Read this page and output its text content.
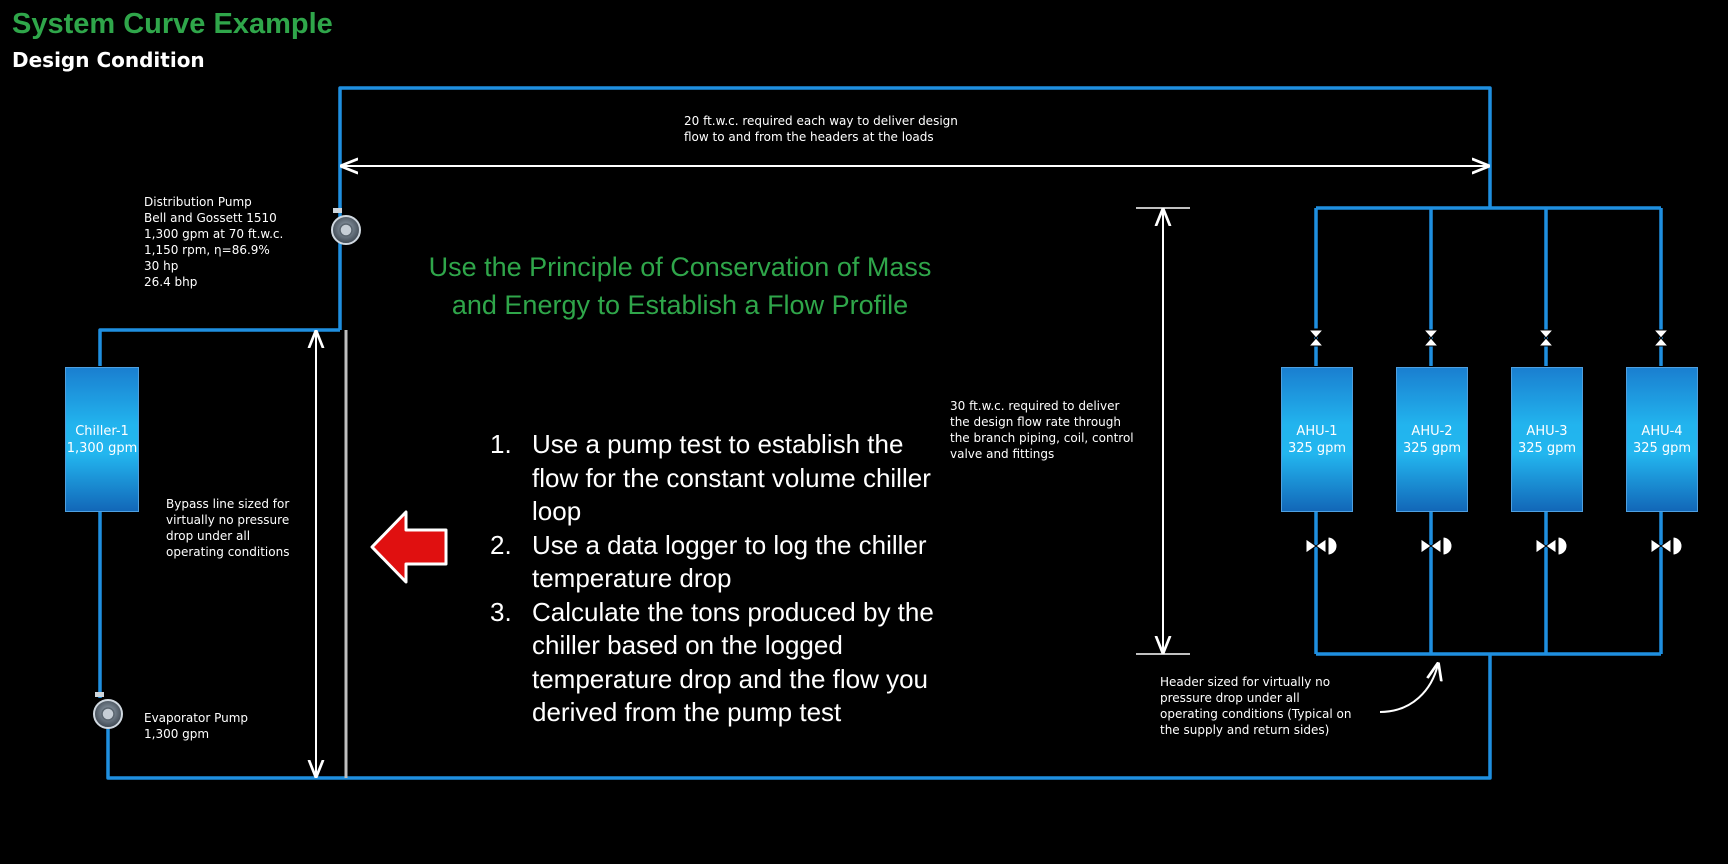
System Curve Example
Design Condition

Use the Principle of Conservation of Mass
and Energy to Establish a Flow Profile

1. Use a pump test to establish the flow for the constant volume chiller loop
2. Use a data logger to log the chiller temperature drop
3. Calculate the tons produced by the chiller based on the logged temperature drop and the flow you derived from the pump test

20 ft.w.c. required each way to deliver design
flow to and from the headers at the loads

Distribution Pump
Bell and Gossett 1510
1,300 gpm at 70 ft.w.c.
1,150 rpm, η=86.9%
30 hp
26.4 bhp

Bypass line sized for
virtually no pressure
drop under all
operating conditions

Evaporator Pump
1,300 gpm

30 ft.w.c. required to deliver
the design flow rate through
the branch piping, coil, control
valve and fittings

Header sized for virtually no
pressure drop under all
operating conditions (Typical on
the supply and return sides)

Chiller-1
1,300 gpm
AHU-1
325 gpm
AHU-2
325 gpm
AHU-3
325 gpm
AHU-4
325 gpm
